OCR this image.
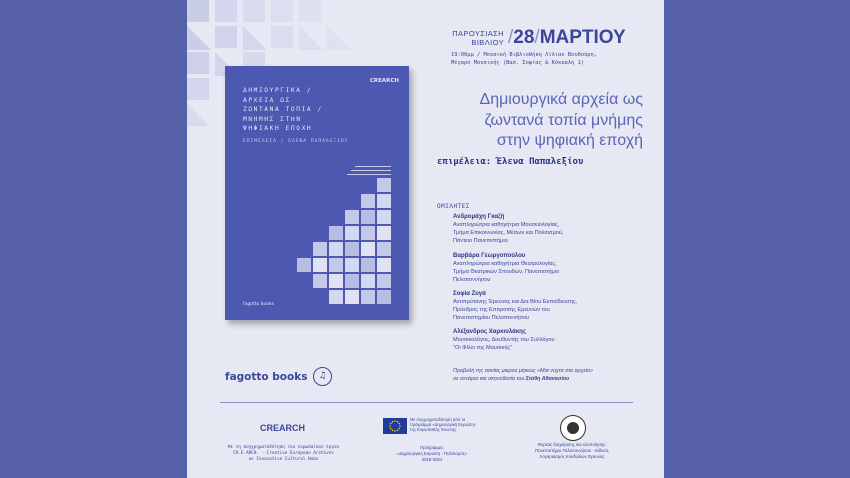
CREARCH
ΔΗΜΙΟΥΡΓΙΚΑ /
ΑΡΧΕΙΑ ΩΣ
ΖΩΝΤΑΝΑ ΤΟΠΙΑ /
ΜΝΗΜΗΣ ΣΤΗΝ
ΨΗΦΙΑΚΗ ΕΠΟΧΗ
ΕΠΙΜΕΛΕΙΑ | ΕΛΕΝΑ ΠΑΠΑΛΕΞΙΟΥ
fagotto books
ΠΑΡΟΥΣΙΑΣΗ
ΒΙΒΛΙΟΥ /28/ΜΑΡΤΙΟΥ
19:00μμ / Μουσική Βιβλιοθήκη Λίλιαν Βουδούρη,
Μέγαρο Μουσικής (Βασ. Σοφίας & Κόκκαλη 1)
Δημιουργικά αρχεία ως
ζωντανά τοπία μνήμης
στην ψηφιακή εποχή
επιμέλεια: Έλενα Παπαλεξίου
ΟΜΙΛΗΤΕΣ
Ανδρομάχη Γκαζή
Αναπληρώτρια καθηγήτρια Μουσειολογίας,
Τμήμα Επικοινωνίας, Μέσων και Πολιτισμού,
Πάντειο Πανεπιστήμιο
Βαρβάρα Γεωργοπούλου
Αναπληρώτρια καθηγήτρια Θεατρολογίας,
Τμήμα Θεατρικών Σπουδών, Πανεπιστήμιο
Πελοποννήσου
Σοφία Ζυγά
Αντιπρύτανης Έρευνας και Δια Βίου Εκπαίδευσης,
Πρόεδρος της Επιτροπής Ερευνών του
Πανεπιστημίου Πελοποννήσου
Αλέξανδρος Χαρκιολάκης
Μουσικολόγος, Διευθυντής του Συλλόγου
"Οι Φίλοι της Μουσικής"
Προβολή της ταινίας μικρού μήκους «Μια νύχτα στο αρχείο»
σε σενάριο και σκηνοθεσία του Στάθη Αθανασίου
fagotto books	♫
CREARCH
Με τη συγχρηματοδότηση του ευρωπαϊκού έργου
CR.E.ARCH. - Creative European Archives
as Innovative Cultural Hubs
Με συγχρηματοδότηση από το
πρόγραμμα «Δημιουργική Ευρώπη»
της Ευρωπαϊκής Ένωσης
Πρόγραμμα:
«Δημιουργική Ευρώπη - Πολιτισμός»
2018-2021
Φορέας διαχείρισης και υλοποίησης:
Πανεπιστήμιο Πελοποννήσου - Ειδικός
Λογαριασμός Κονδυλίων Έρευνας
